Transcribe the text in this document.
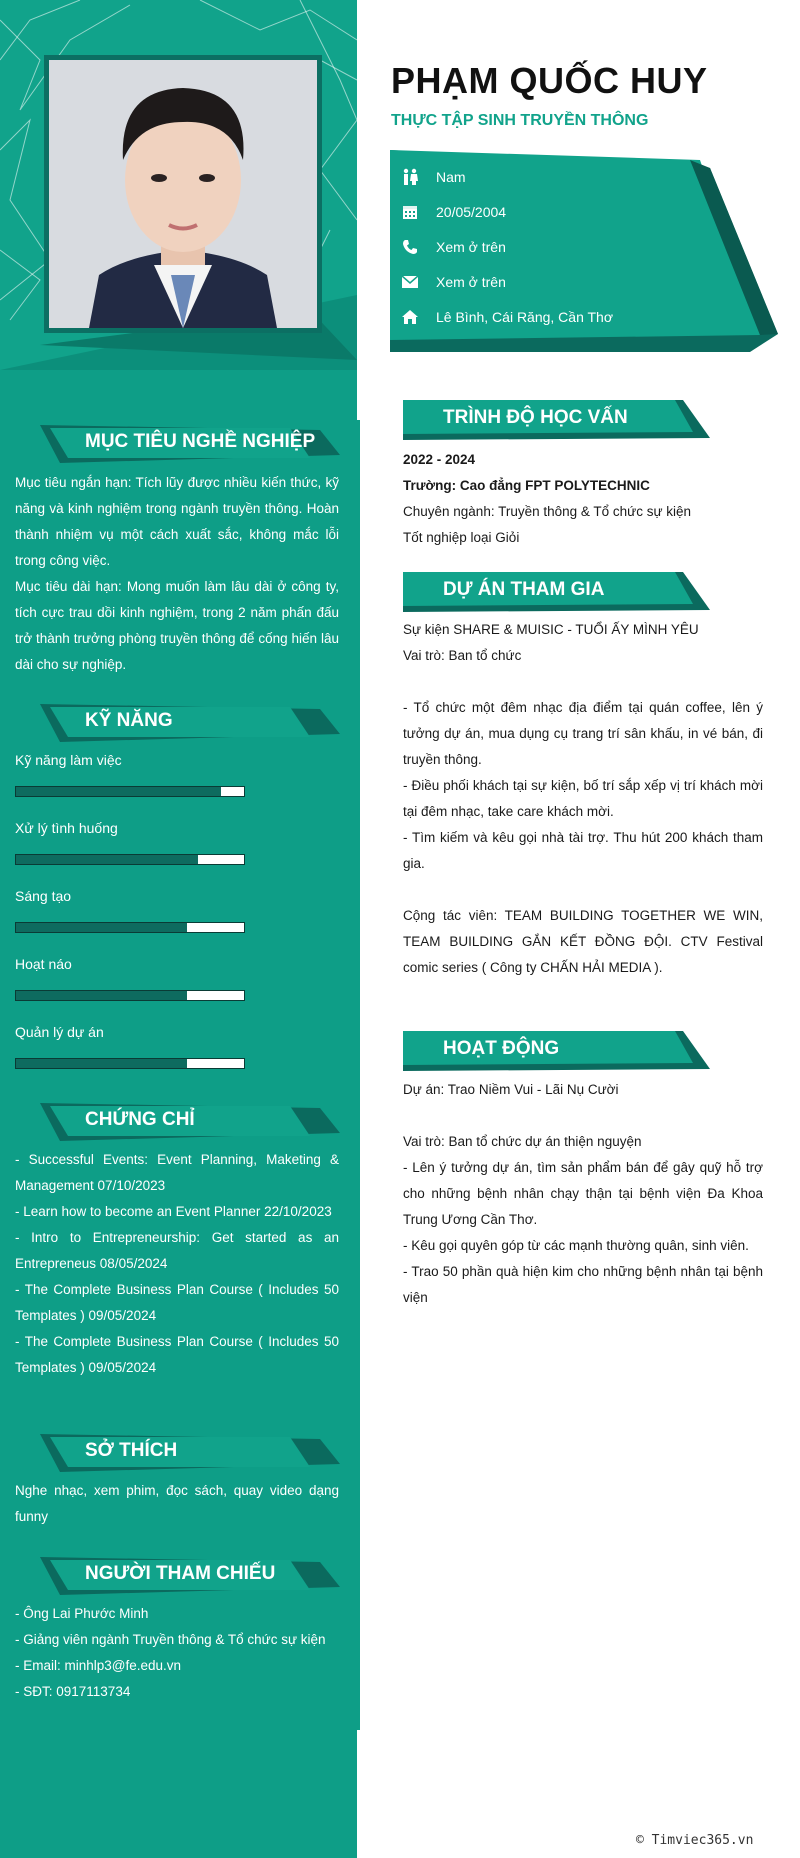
MỤC TIÊU NGHỀ NGHIỆP

Mục tiêu ngắn hạn: Tích lũy được nhiều kiến thức, kỹ năng và kinh nghiệm trong ngành truyền thông. Hoàn thành nhiệm vụ một cách xuất sắc, không mắc lỗi trong công việc.

Mục tiêu dài hạn: Mong muốn làm lâu dài ở công ty, tích cực trau dồi kinh nghiệm, trong 2 năm phấn đấu trở thành trưởng phòng truyền thông để cống hiến lâu dài cho sự nghiệp.

KỸ NĂNG
Kỹ năng làm việc
Xử lý tình huống
Sáng tạo
Hoạt náo
Quản lý dự án
CHỨNG CHỈ

- Successful Events: Event Planning, Maketing & Management 07/10/2023

- Learn how to become an Event Planner 22/10/2023

- Intro to Entrepreneurship: Get started as an Entrepreneus 08/05/2024

- The Complete Business Plan Course ( Includes 50 Templates ) 09/05/2024

- The Complete Business Plan Course ( Includes 50 Templates ) 09/05/2024

SỞ THÍCH

Nghe nhạc, xem phim, đọc sách, quay video dạng funny

NGƯỜI THAM CHIẾU

- Ông Lai Phước Minh

- Giảng viên ngành Truyền thông & Tổ chức sự kiện

- Email: minhlp3@fe.edu.vn

- SĐT: 0917113734

PHẠM QUỐC HUY
THỰC TẬP SINH TRUYỀN THÔNG
Nam
20/05/2004
Xem ở trên
Xem ở trên
Lê Bình, Cái Răng, Cần Thơ
TRÌNH ĐỘ HỌC VẤN

2022 - 2024

Trường: Cao đẳng FPT POLYTECHNIC

Chuyên ngành: Truyền thông & Tổ chức sự kiện

Tốt nghiệp loại Giỏi

DỰ ÁN THAM GIA

Sự kiện SHARE & MUISIC - TUỔI ẤY MÌNH YÊU

Vai trò: Ban tổ chức

- Tổ chức một đêm nhạc địa điểm tại quán coffee, lên ý tưởng dự án, mua dụng cụ trang trí sân khấu, in vé bán, đi truyền thông.

- Điều phối khách tại sự kiện, bố trí sắp xếp vị trí khách mời tại đêm nhạc, take care khách mời.

- Tìm kiếm và kêu gọi nhà tài trợ. Thu hút 200 khách tham gia.

Cộng tác viên: TEAM BUILDING TOGETHER WE WIN, TEAM BUILDING GẮN KẾT ĐỒNG ĐỘI. CTV Festival comic series ( Công ty CHẤN HẢI MEDIA ).

HOẠT ĐỘNG

Dự án: Trao Niềm Vui - Lãi Nụ Cười

Vai trò: Ban tổ chức dự án thiện nguyện

- Lên ý tưởng dự án, tìm sản phẩm bán để gây quỹ hỗ trợ cho những bệnh nhân chạy thận tại bệnh viện Đa Khoa Trung Ương Cần Thơ.

- Kêu gọi quyên góp từ các mạnh thường quân, sinh viên.

- Trao 50 phần quà hiện kim cho những bệnh nhân tại bệnh viện

© Timviec365.vn
